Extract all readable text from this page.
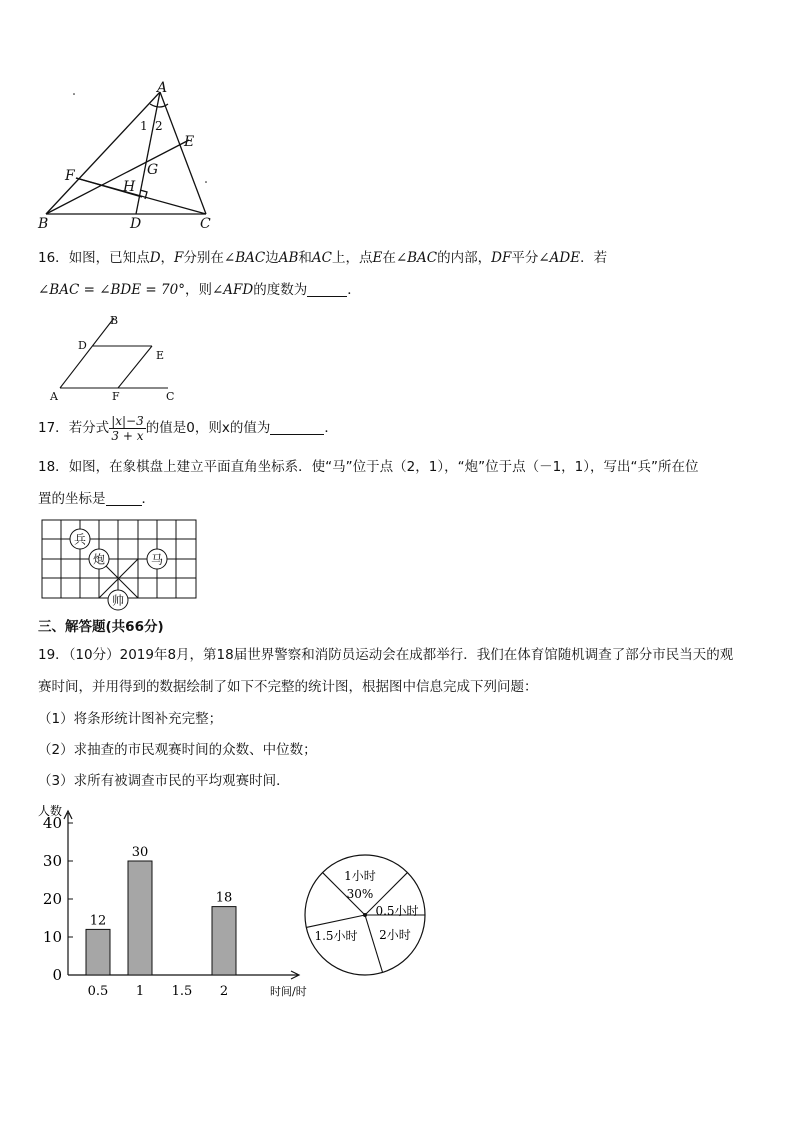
A
B	C
D
E
F	G
H
1 2
16．如图，已知点D，F分别在∠BAC边AB和AC上，点E在∠BAC的内部，DF平分∠ADE．若
∠BAC = ∠BDE = 70°，则∠AFD的度数为	．
B
D
E
A	F	C
17．若分式 $\frac{|x|-3}{3 + x}$ 的值是0，则x的值为	．
18．如图，在象棋盘上建立平面直角坐标系．使“马”位于点（2，1），“炮”位于点（－1，1），写出“兵”所在位
置的坐标是	．
兵
炮	马
帅
三、解答题(共66分)
19．（10分）2019年8月，第18届世界警察和消防员运动会在成都举行．我们在体育馆随机调查了部分市民当天的观
赛时间，并用得到的数据绘制了如下不完整的统计图，根据图中信息完成下列问题：
（1）将条形统计图补充完整；
（2）求抽查的市民观赛时间的众数、中位数；
（3）求所有被调查市民的平均观赛时间．
0
10
20
30
40
人数
时间/时
0.5
12
1
30
1.5 2
18
1小时
30%
0.5小时
2小时
1.5小时
